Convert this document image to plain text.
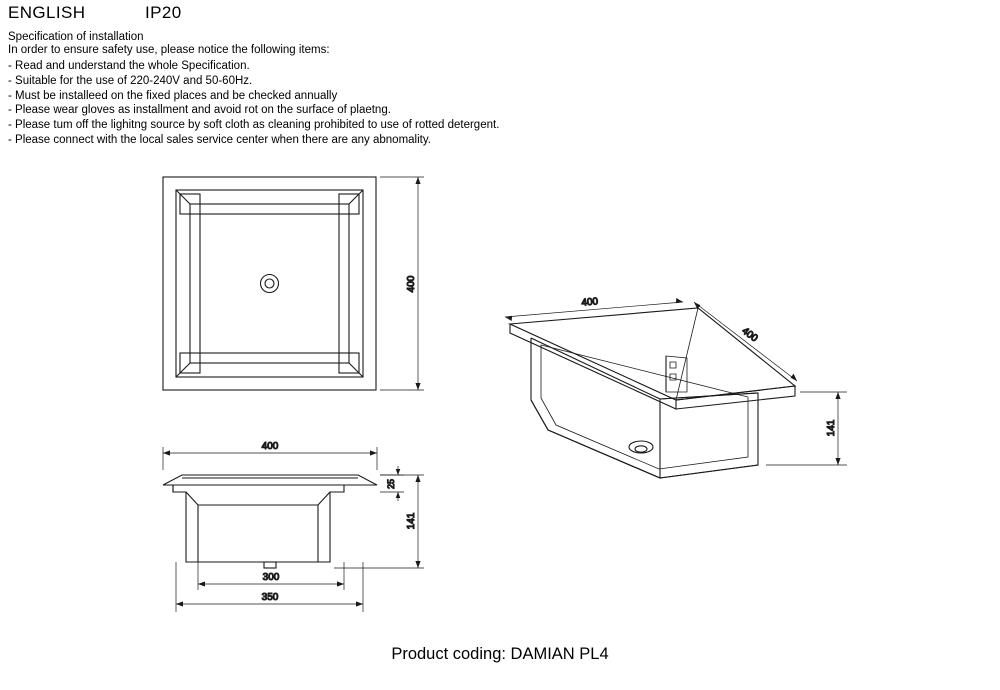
ENGLISH	IP20
Specification of installation
In order to ensure safety use, please notice the following items:
- Read and understand the whole Specification.
- Suitable for the use of 220-240V and 50-60Hz.
- Must be installeed on the fixed places and be checked annually
- Please wear gloves as installment and avoid rot on the surface of plaetng.
- Please tum off the lighitng source by soft cloth as cleaning prohibited to use of rotted detergent.
- Please connect with the local sales service center when there are any abnomality.
400
400
25
141
300
350
400
400
141
Product coding: DAMIAN PL4
